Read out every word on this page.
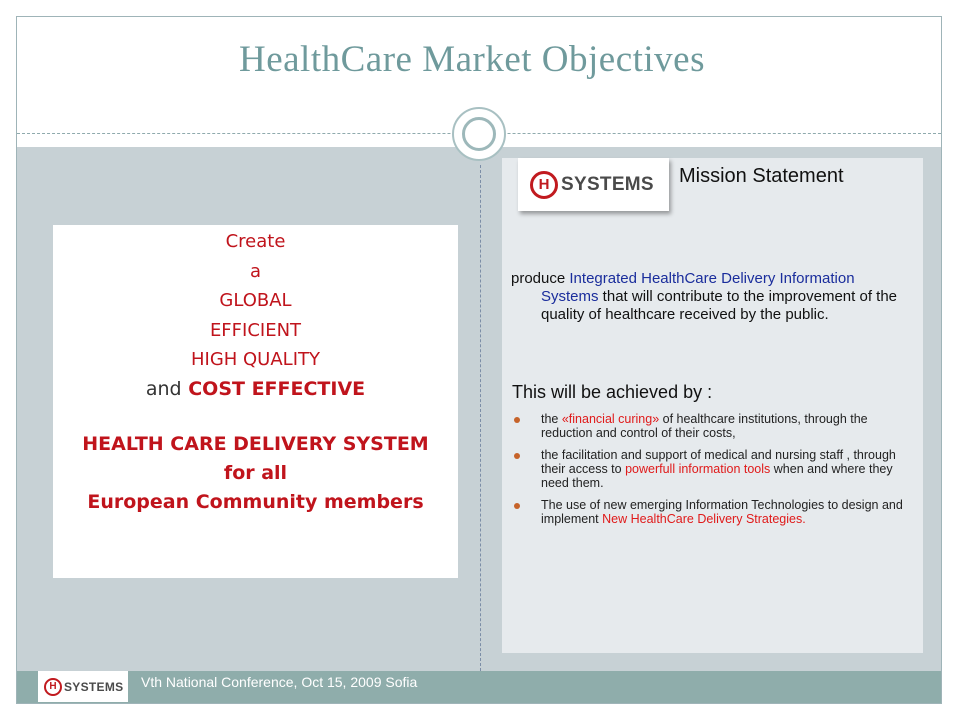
HealthCare Market Objectives
Create
a
GLOBAL
EFFICIENT
HIGH QUALITY
and COST EFFECTIVE
HEALTH CARE DELIVERY SYSTEM
for all
European Community members
H SYSTEMS Mission Statement
produce Integrated HealthCare Delivery Information Systems that will contribute to the improvement of the quality of healthcare received by the public.
This will be achieved by :
the «financial curing» of healthcare institutions, through the reduction and control of their costs,
the facilitation and support of medical and nursing staff , through their access to powerfull information tools when and where they need them.
The use of new emerging Information Technologies to design and implement New HealthCare Delivery Strategies.
H SYSTEMS Vth National Conference, Oct 15, 2009 Sofia
